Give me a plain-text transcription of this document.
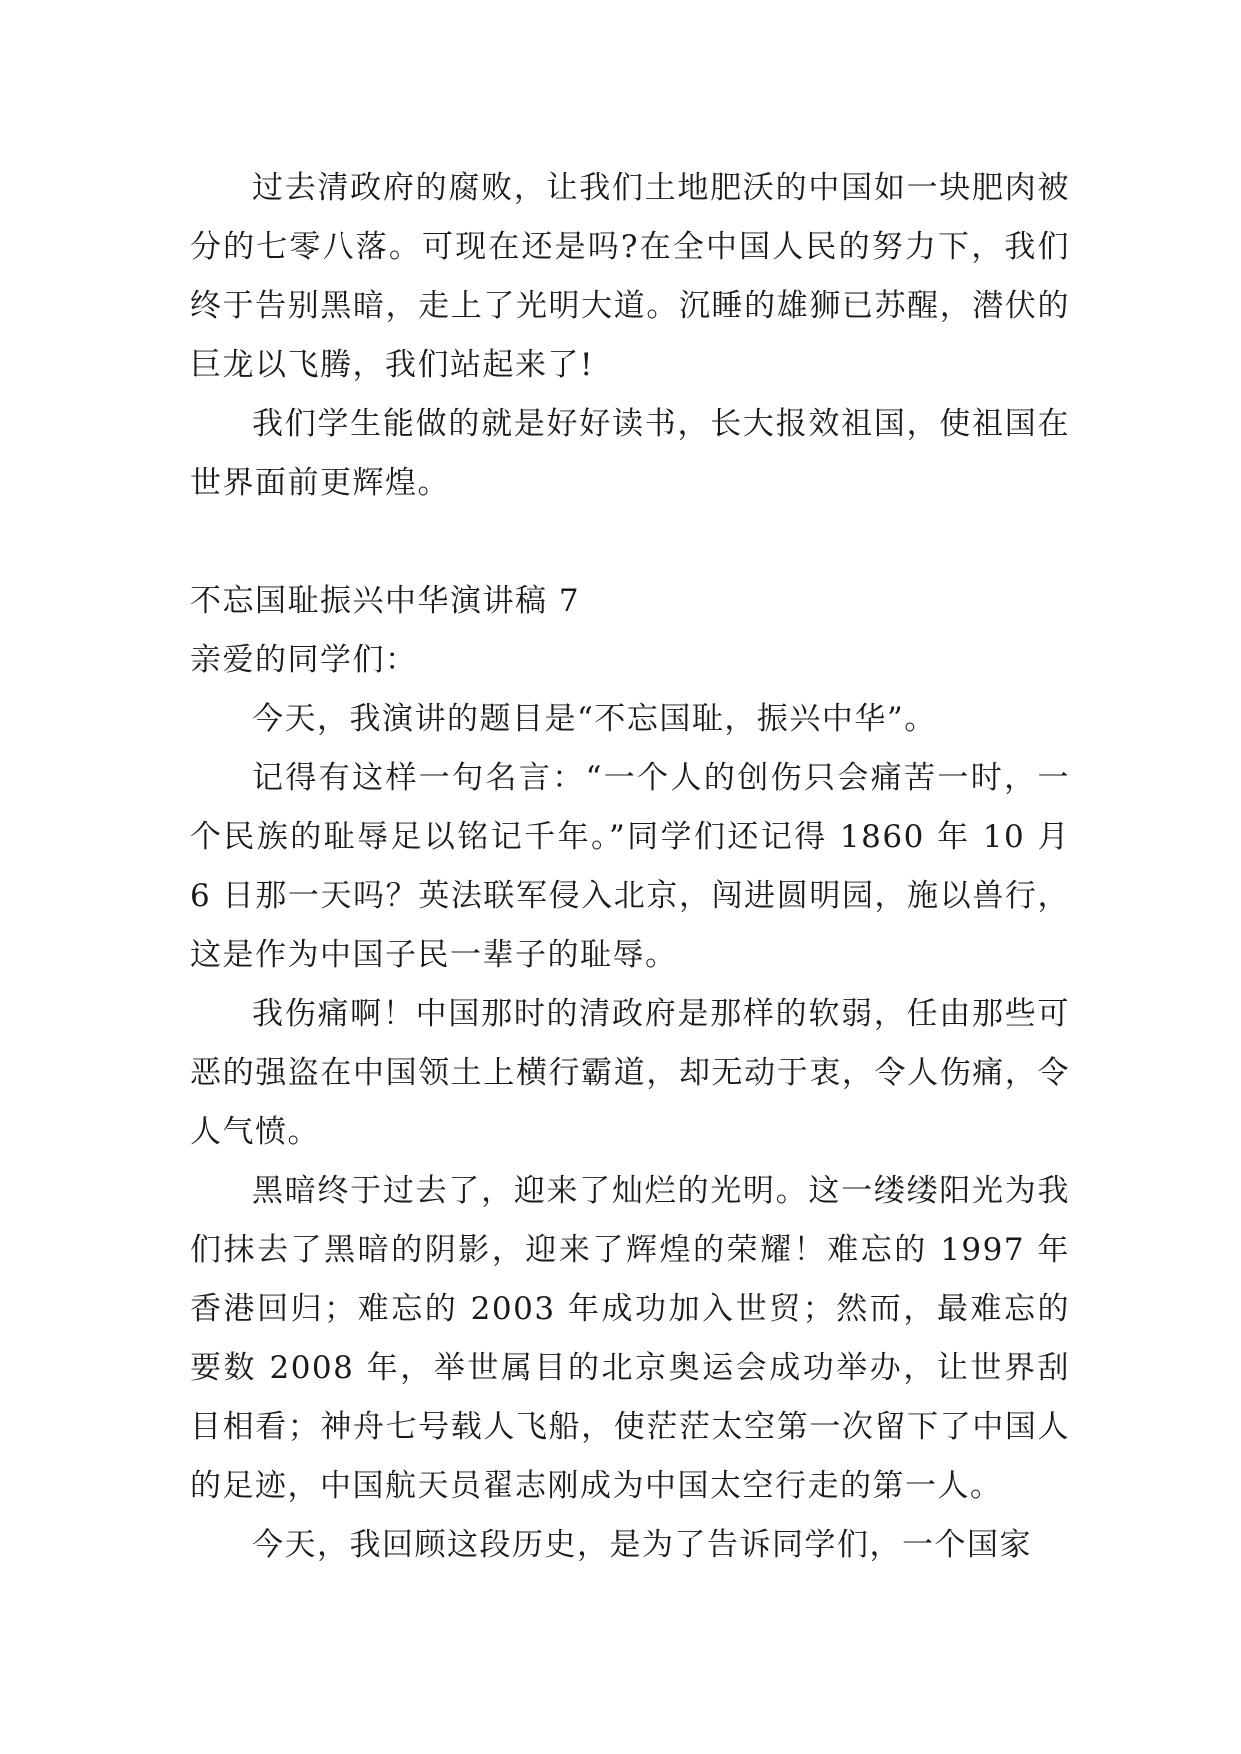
过去清政府的腐败，让我们土地肥沃的中国如一块肥肉被分的七零八落。可现在还是吗?在全中国人民的努力下，我们终于告别黑暗，走上了光明大道。沉睡的雄狮已苏醒，潜伏的巨龙以飞腾，我们站起来了!

我们学生能做的就是好好读书，长大报效祖国，使祖国在世界面前更辉煌。

不忘国耻振兴中华演讲稿 7

亲爱的同学们：

今天，我演讲的题目是“不忘国耻，振兴中华”。

记得有这样一句名言：“一个人的创伤只会痛苦一时，一个民族的耻辱足以铭记千年。”同学们还记得 1860 年 10 月 6 日那一天吗？英法联军侵入北京，闯进圆明园，施以兽行，这是作为中国子民一辈子的耻辱。

我伤痛啊！中国那时的清政府是那样的软弱，任由那些可恶的强盗在中国领土上横行霸道，却无动于衷，令人伤痛，令人气愤。

黑暗终于过去了，迎来了灿烂的光明。这一缕缕阳光为我们抹去了黑暗的阴影，迎来了辉煌的荣耀！难忘的 1997 年香港回归；难忘的 2003 年成功加入世贸；然而，最难忘的要数 2008 年，举世属目的北京奥运会成功举办，让世界刮目相看；神舟七号载人飞船，使茫茫太空第一次留下了中国人的足迹，中国航天员翟志刚成为中国太空行走的第一人。

今天，我回顾这段历史，是为了告诉同学们，一个国家
